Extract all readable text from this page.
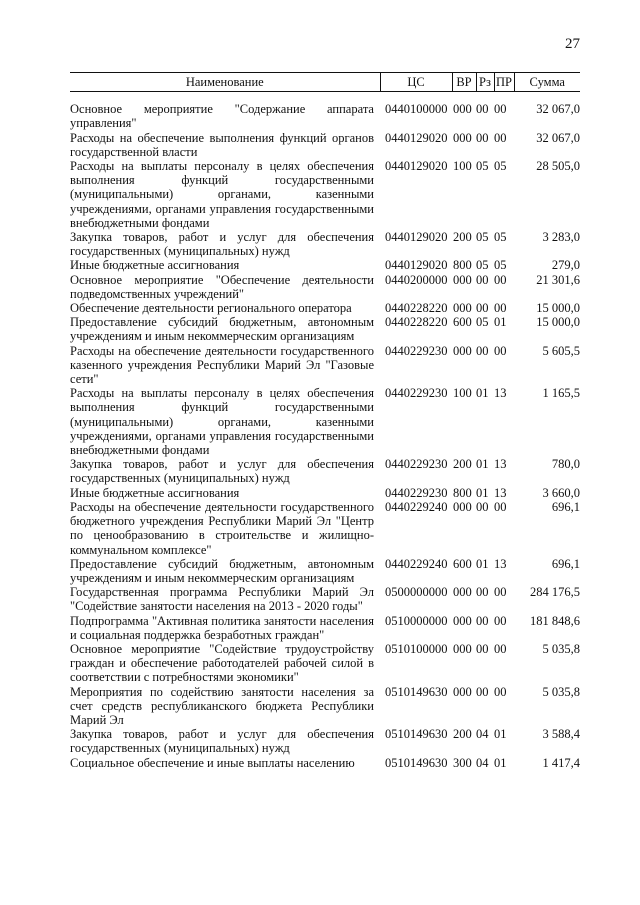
27
Наименование	ЦС	ВР	Рз	ПР	Сумма
Основное мероприятие "Содержание аппарата управления"	0440100000	000	00	00	32 067,0
Расходы на обеспечение выполнения функций органов государственной власти	0440129020	000	00	00	32 067,0
Расходы на выплаты персоналу в целях обеспечения выполнения функций государственными (муниципальными) органами, казенными учреждениями, органами управления государственными внебюджетными фондами	0440129020	100	05	05	28 505,0
Закупка товаров, работ и услуг для обеспечения государственных (муниципальных) нужд	0440129020	200	05	05	3 283,0
Иные бюджетные ассигнования	0440129020	800	05	05	279,0
Основное мероприятие "Обеспечение деятельности подведомственных учреждений"	0440200000	000	00	00	21 301,6
Обеспечение деятельности регионального оператора	0440228220	000	00	00	15 000,0
Предоставление субсидий бюджетным, автономным учреждениям и иным некоммерческим организациям	0440228220	600	05	01	15 000,0
Расходы на обеспечение деятельности государственного казенного учреждения Республики Марий Эл "Газовые сети"	0440229230	000	00	00	5 605,5
Расходы на выплаты персоналу в целях обеспечения выполнения функций государственными (муниципальными) органами, казенными учреждениями, органами управления государственными внебюджетными фондами	0440229230	100	01	13	1 165,5
Закупка товаров, работ и услуг для обеспечения государственных (муниципальных) нужд	0440229230	200	01	13	780,0
Иные бюджетные ассигнования	0440229230	800	01	13	3 660,0
Расходы на обеспечение деятельности государственного бюджетного учреждения Республики Марий Эл "Центр по ценообразованию в строительстве и жилищно-коммунальном комплексе"	0440229240	000	00	00	696,1
Предоставление субсидий бюджетным, автономным учреждениям и иным некоммерческим организациям	0440229240	600	01	13	696,1
Государственная программа Республики Марий Эл "Содействие занятости населения на 2013 - 2020 годы"	0500000000	000	00	00	284 176,5
Подпрограмма "Активная политика занятости населения и социальная поддержка безработных граждан"	0510000000	000	00	00	181 848,6
Основное мероприятие "Содействие трудоустройству граждан и обеспечение работодателей рабочей силой в соответствии с потребностями экономики"	0510100000	000	00	00	5 035,8
Мероприятия по содействию занятости населения за счет средств республиканского бюджета Республики Марий Эл	0510149630	000	00	00	5 035,8
Закупка товаров, работ и услуг для обеспечения государственных (муниципальных) нужд	0510149630	200	04	01	3 588,4
Социальное обеспечение и иные выплаты населению	0510149630	300	04	01	1 417,4
